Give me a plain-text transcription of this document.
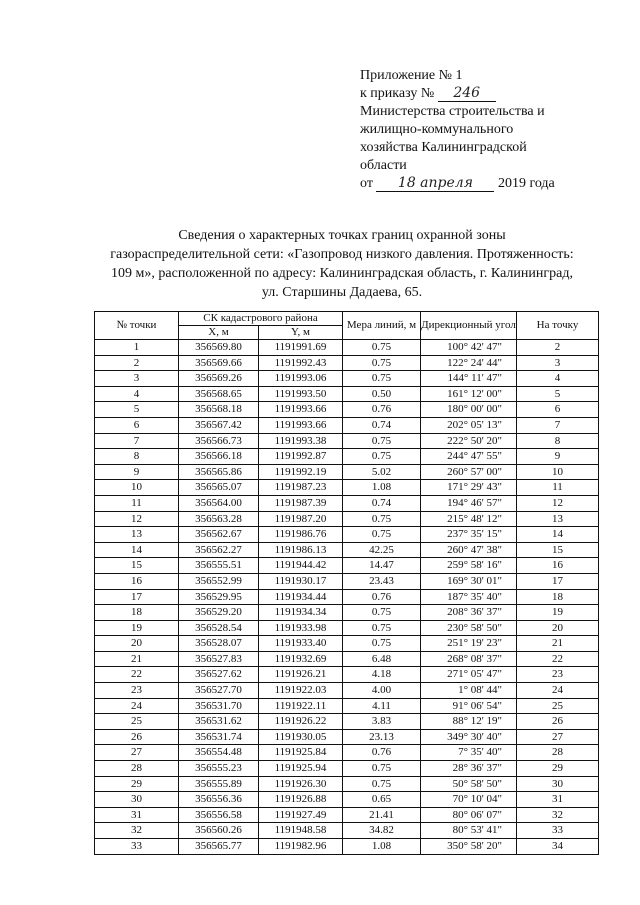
Приложение № 1
к приказу № 246
Министерства строительства и
жилищно-коммунального
хозяйства Калининградской
области
от 18 апреля 2019 года
Сведения о характерных точках границ охранной зоны
газораспределительной сети: «Газопровод низкого давления. Протяженность:
109 м», расположенной по адресу: Калининградская область, г. Калининград,
ул. Старшины Дадаева, 65.
№ точки	СК кадастрового района		Мера линий, м	Дирекционный угол	На точку
	X, м	Y, м			
1	356569.80	1191991.69	0.75	100° 42' 47"	2
2	356569.66	1191992.43	0.75	122° 24' 44"	3
3	356569.26	1191993.06	0.75	144° 11' 47"	4
4	356568.65	1191993.50	0.50	161° 12' 00"	5
5	356568.18	1191993.66	0.76	180° 00' 00"	6
6	356567.42	1191993.66	0.74	202° 05' 13"	7
7	356566.73	1191993.38	0.75	222° 50' 20"	8
8	356566.18	1191992.87	0.75	244° 47' 55"	9
9	356565.86	1191992.19	5.02	260° 57' 00"	10
10	356565.07	1191987.23	1.08	171° 29' 43"	11
11	356564.00	1191987.39	0.74	194° 46' 57"	12
12	356563.28	1191987.20	0.75	215° 48' 12"	13
13	356562.67	1191986.76	0.75	237° 35' 15"	14
14	356562.27	1191986.13	42.25	260° 47' 38"	15
15	356555.51	1191944.42	14.47	259° 58' 16"	16
16	356552.99	1191930.17	23.43	169° 30' 01"	17
17	356529.95	1191934.44	0.76	187° 35' 40"	18
18	356529.20	1191934.34	0.75	208° 36' 37"	19
19	356528.54	1191933.98	0.75	230° 58' 50"	20
20	356528.07	1191933.40	0.75	251° 19' 23"	21
21	356527.83	1191932.69	6.48	268° 08' 37"	22
22	356527.62	1191926.21	4.18	271° 05' 47"	23
23	356527.70	1191922.03	4.00	1° 08' 44"	24
24	356531.70	1191922.11	4.11	91° 06' 54"	25
25	356531.62	1191926.22	3.83	88° 12' 19"	26
26	356531.74	1191930.05	23.13	349° 30' 40"	27
27	356554.48	1191925.84	0.76	7° 35' 40"	28
28	356555.23	1191925.94	0.75	28° 36' 37"	29
29	356555.89	1191926.30	0.75	50° 58' 50"	30
30	356556.36	1191926.88	0.65	70° 10' 04"	31
31	356556.58	1191927.49	21.41	80° 06' 07"	32
32	356560.26	1191948.58	34.82	80° 53' 41"	33
33	356565.77	1191982.96	1.08	350° 58' 20"	34
